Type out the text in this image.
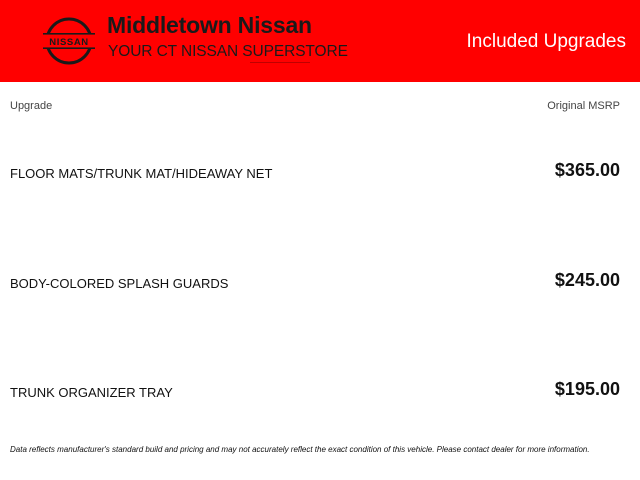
NISSAN
Middletown Nissan
YOUR CT NISSAN SUPERSTORE	Included Upgrades
Upgrade	Original MSRP
FLOOR MATS/TRUNK MAT/HIDEAWAY NET	$365.00
BODY-COLORED SPLASH GUARDS	$245.00
TRUNK ORGANIZER TRAY	$195.00
Data reflects manufacturer's standard build and pricing and may not accurately reflect the exact condition of this vehicle. Please contact dealer for more information.
